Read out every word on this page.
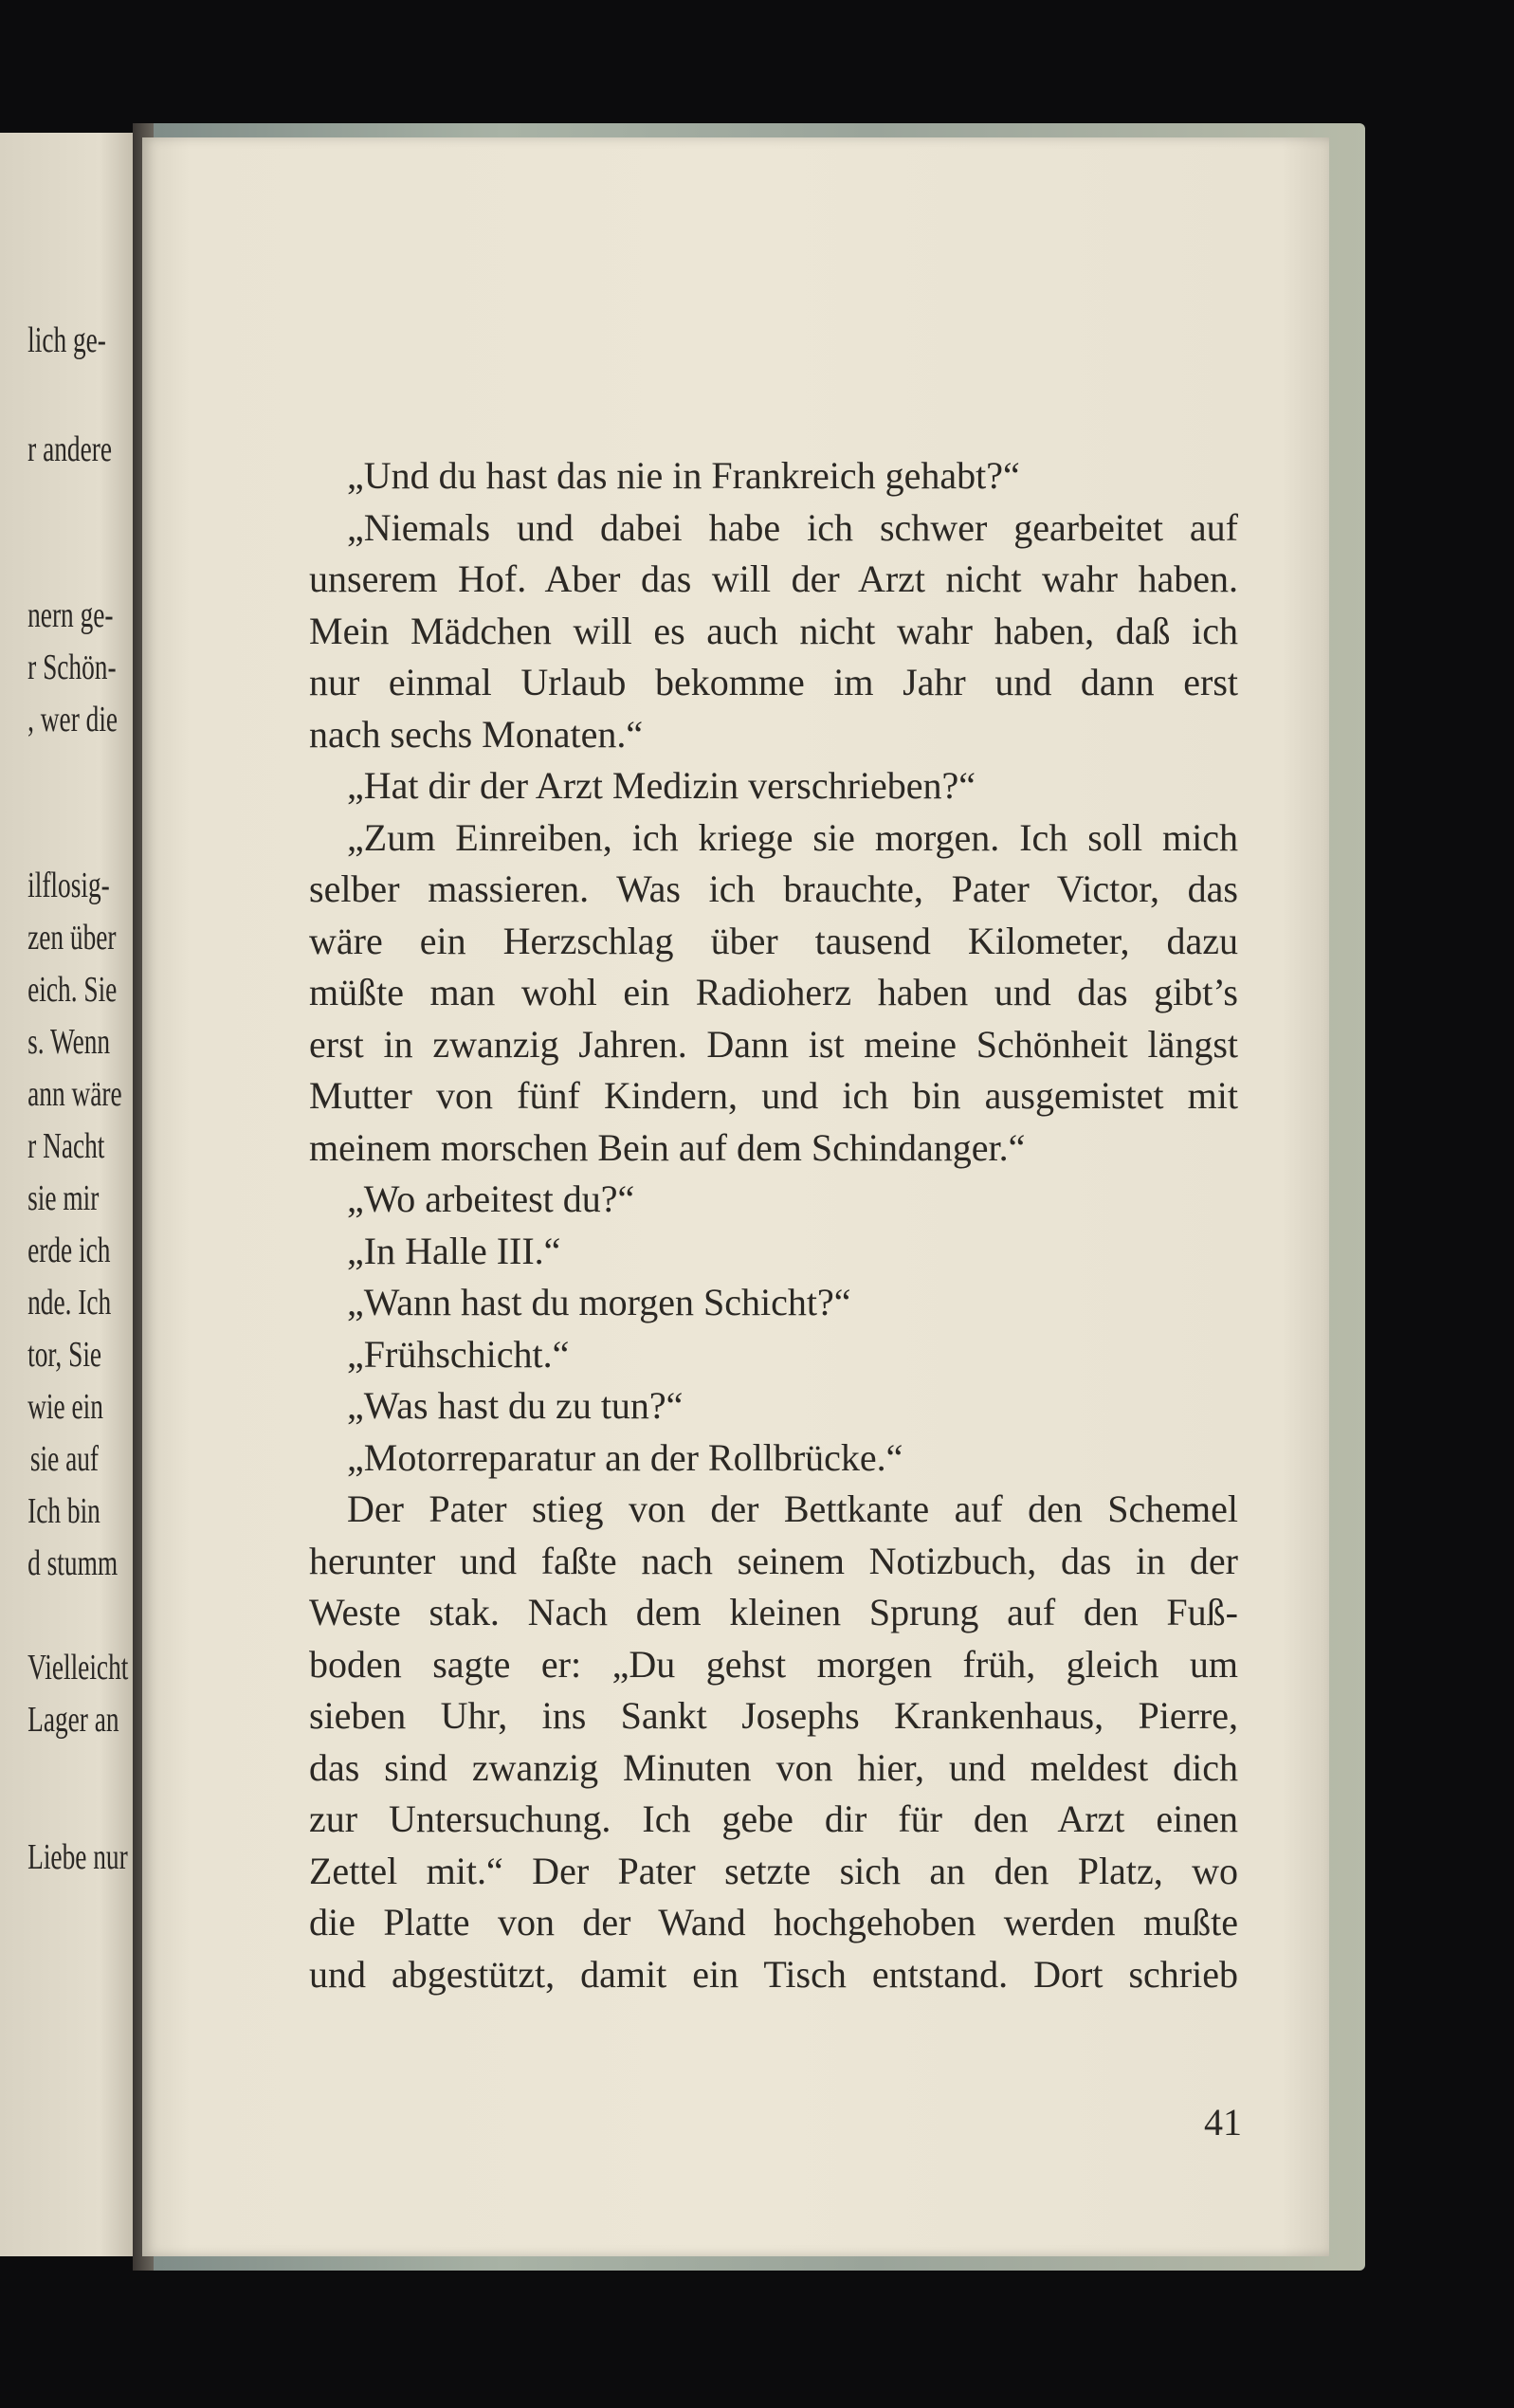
lich ge-
r andere
nern ge-
r Schön-
, wer die
ilflosig-
zen über
eich. Sie
s. Wenn
ann wäre
r Nacht
sie mir
erde ich
nde. Ich
tor, Sie
wie ein
sie auf
Ich bin
d stumm
Vielleicht
Lager an
Liebe nur
„Und du hast das nie in Frankreich gehabt?“
„Niemals und dabei habe ich schwer gearbeitet auf
unserem Hof. Aber das will der Arzt nicht wahr haben.
Mein Mädchen will es auch nicht wahr haben, daß ich
nur einmal Urlaub bekomme im Jahr und dann erst
nach sechs Monaten.“
„Hat dir der Arzt Medizin verschrieben?“
„Zum Einreiben, ich kriege sie morgen. Ich soll mich
selber massieren. Was ich brauchte, Pater Victor, das
wäre ein Herzschlag über tausend Kilometer, dazu
müßte man wohl ein Radioherz haben und das gibt’s
erst in zwanzig Jahren. Dann ist meine Schönheit längst
Mutter von fünf Kindern, und ich bin ausgemistet mit
meinem morschen Bein auf dem Schindanger.“
„Wo arbeitest du?“
„In Halle III.“
„Wann hast du morgen Schicht?“
„Frühschicht.“
„Was hast du zu tun?“
„Motorreparatur an der Rollbrücke.“
Der Pater stieg von der Bettkante auf den Schemel
herunter und faßte nach seinem Notizbuch, das in der
Weste stak. Nach dem kleinen Sprung auf den Fuß-
boden sagte er: „Du gehst morgen früh, gleich um
sieben Uhr, ins Sankt Josephs Krankenhaus, Pierre,
das sind zwanzig Minuten von hier, und meldest dich
zur Untersuchung. Ich gebe dir für den Arzt einen
Zettel mit.“ Der Pater setzte sich an den Platz, wo
die Platte von der Wand hochgehoben werden mußte
und abgestützt, damit ein Tisch entstand. Dort schrieb
41
